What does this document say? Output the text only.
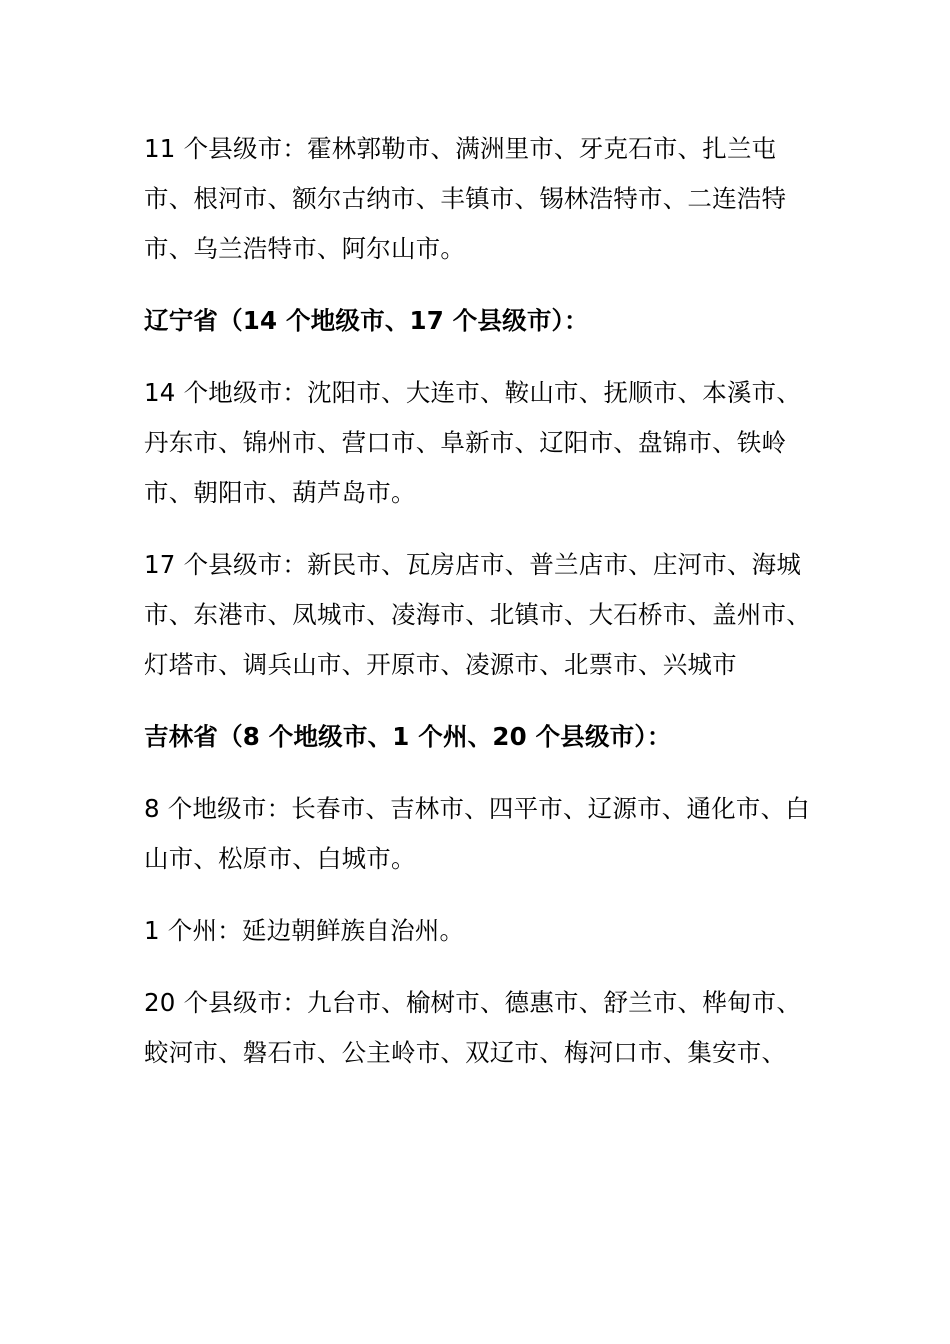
11 个县级市：霍林郭勒市、满洲里市、牙克石市、扎兰屯市、根河市、额尔古纳市、丰镇市、锡林浩特市、二连浩特市、乌兰浩特市、阿尔山市。

辽宁省（14 个地级市、17 个县级市）：

14 个地级市：沈阳市、大连市、鞍山市、抚顺市、本溪市、丹东市、锦州市、营口市、阜新市、辽阳市、盘锦市、铁岭市、朝阳市、葫芦岛市。

17 个县级市：新民市、瓦房店市、普兰店市、庄河市、海城市、东港市、凤城市、凌海市、北镇市、大石桥市、盖州市、灯塔市、调兵山市、开原市、凌源市、北票市、兴城市

吉林省（8 个地级市、1 个州、20 个县级市）：

8 个地级市：长春市、吉林市、四平市、辽源市、通化市、白山市、松原市、白城市。

1 个州：延边朝鲜族自治州。

20 个县级市：九台市、榆树市、德惠市、舒兰市、桦甸市、蛟河市、磐石市、公主岭市、双辽市、梅河口市、集安市、
